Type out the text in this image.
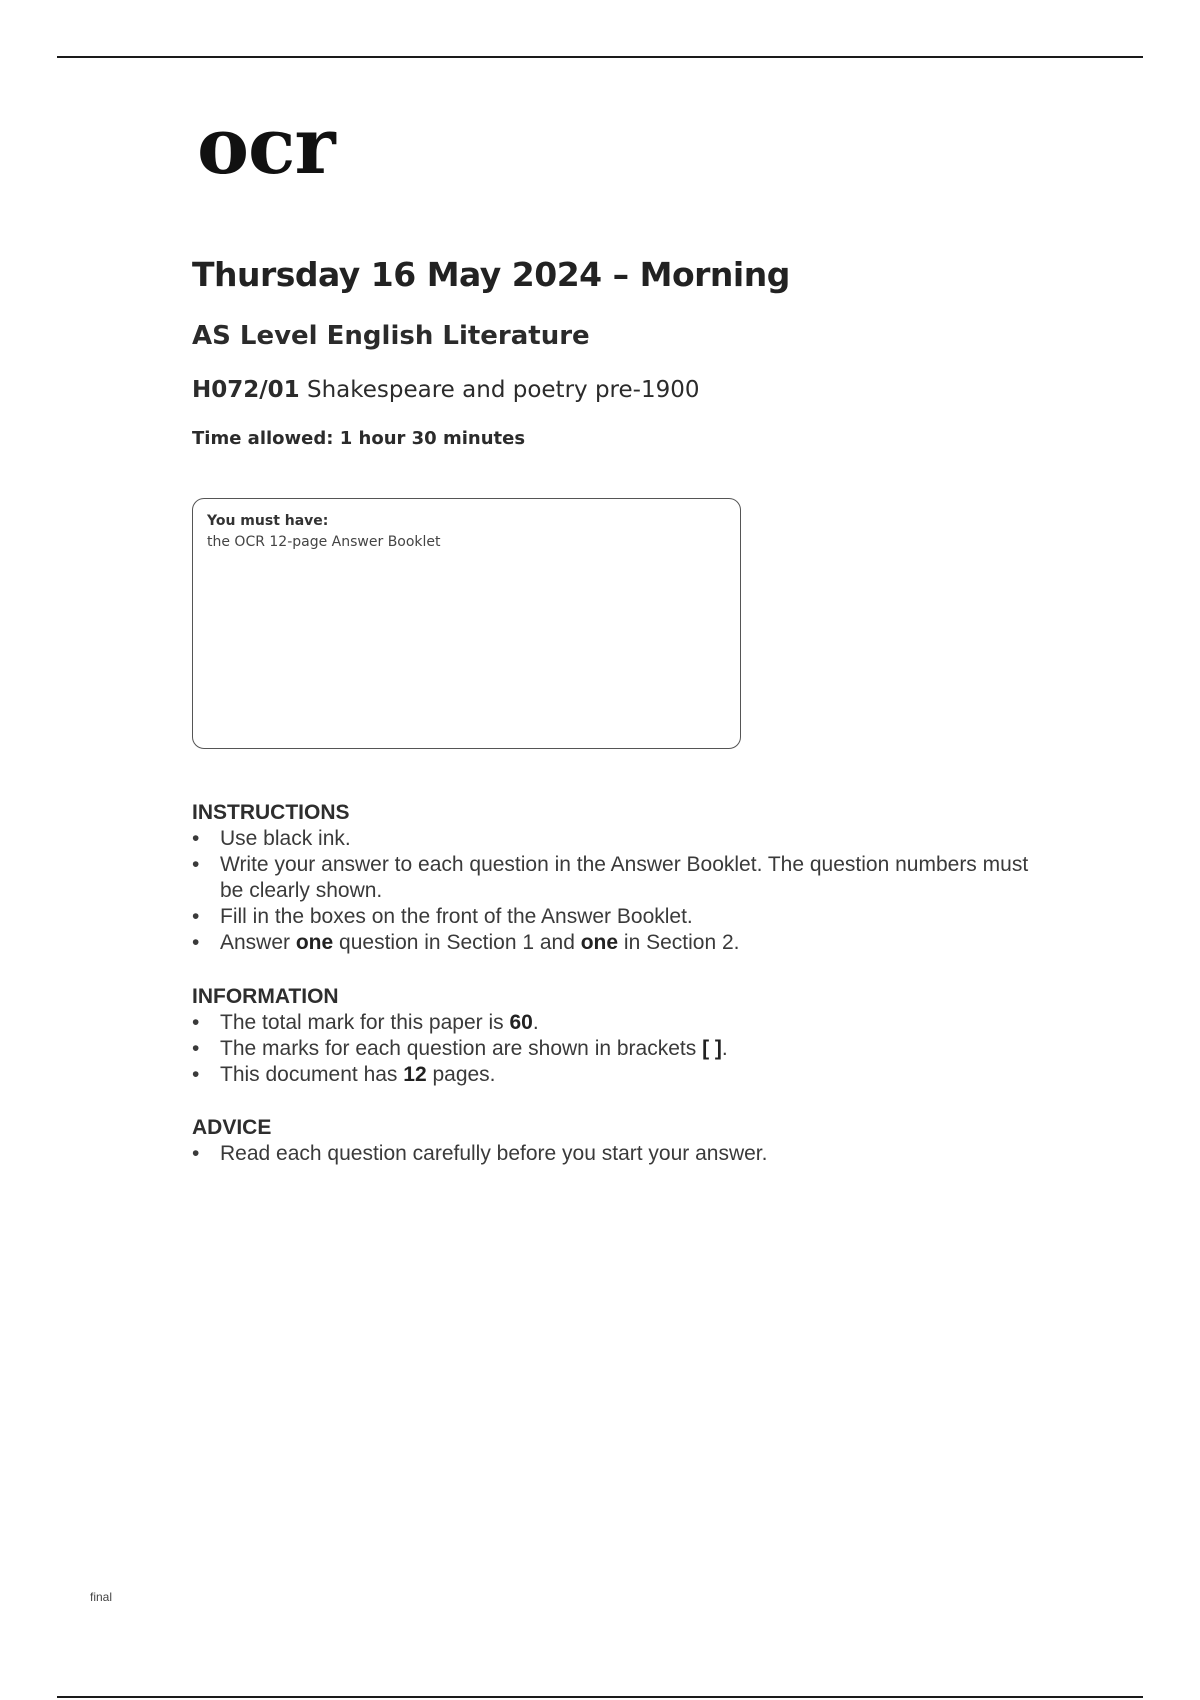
ocr
Thursday 16 May 2024 – Morning
AS Level English Literature
H072/01 Shakespeare and poetry pre-1900
Time allowed: 1 hour 30 minutes
You must have:
the OCR 12-page Answer Booklet
INSTRUCTIONS
• Use black ink.
• Write your answer to each question in the Answer Booklet. The question numbers must be clearly shown.
• Fill in the boxes on the front of the Answer Booklet.
• Answer one question in Section 1 and one in Section 2.
INFORMATION
• The total mark for this paper is 60.
• The marks for each question are shown in brackets [ ].
• This document has 12 pages.
ADVICE
• Read each question carefully before you start your answer.
final
